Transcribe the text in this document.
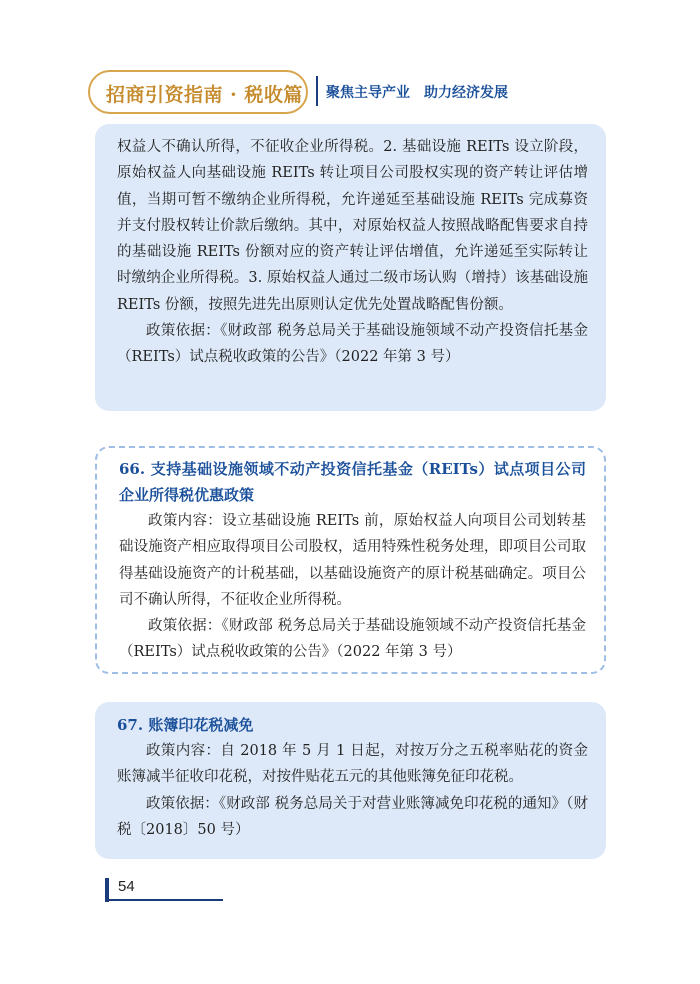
招商引资指南 · 税收篇 聚焦主导产业　助力经济发展

权益人不确认所得，不征收企业所得税。2. 基础设施 REITs 设立阶段，原始权益人向基础设施 REITs 转让项目公司股权实现的资产转让评估增值，当期可暂不缴纳企业所得税，允许递延至基础设施 REITs 完成募资并支付股权转让价款后缴纳。其中，对原始权益人按照战略配售要求自持的基础设施 REITs 份额对应的资产转让评估增值，允许递延至实际转让时缴纳企业所得税。3. 原始权益人通过二级市场认购（增持）该基础设施 REITs 份额，按照先进先出原则认定优先处置战略配售份额。

政策依据：《财政部 税务总局关于基础设施领域不动产投资信托基金（REITs）试点税收政策的公告》（2022 年第 3 号）

66. 支持基础设施领域不动产投资信托基金（REITs）试点项目公司企业所得税优惠政策

政策内容：设立基础设施 REITs 前，原始权益人向项目公司划转基础设施资产相应取得项目公司股权，适用特殊性税务处理，即项目公司取得基础设施资产的计税基础，以基础设施资产的原计税基础确定。项目公司不确认所得，不征收企业所得税。

政策依据：《财政部 税务总局关于基础设施领域不动产投资信托基金（REITs）试点税收政策的公告》（2022 年第 3 号）

67. 账簿印花税减免

政策内容：自 2018 年 5 月 1 日起，对按万分之五税率贴花的资金账簿减半征收印花税，对按件贴花五元的其他账簿免征印花税。

政策依据：《财政部 税务总局关于对营业账簿减免印花税的通知》（财税〔2018〕50 号）

54
